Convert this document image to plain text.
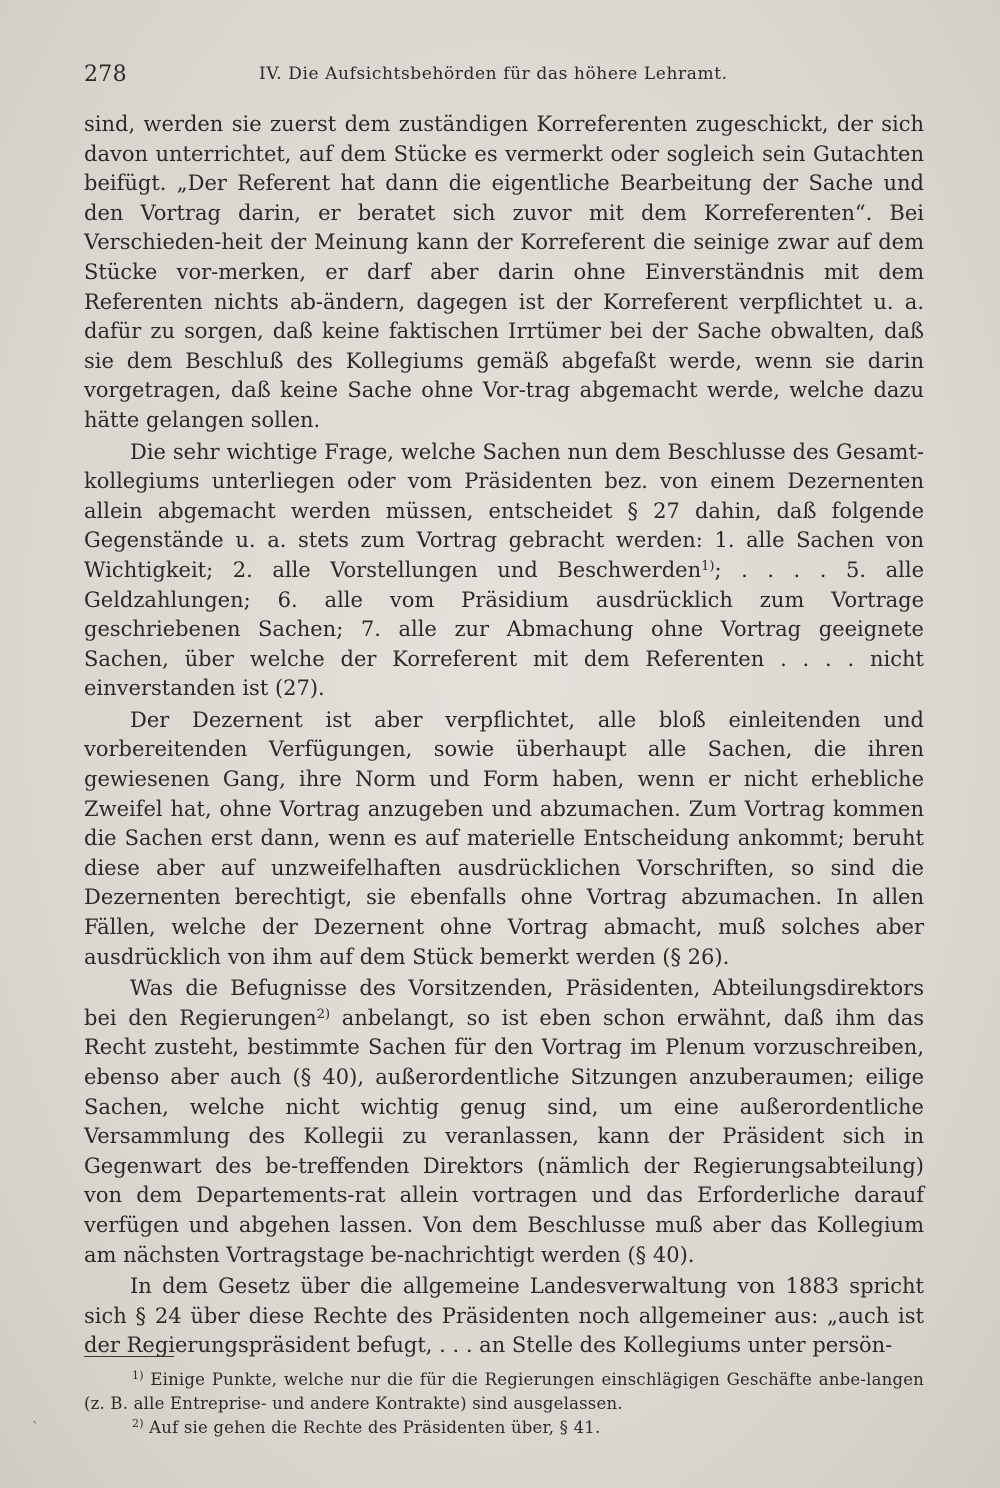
278	IV. Die Aufsichtsbehörden für das höhere Lehramt.

sind, werden sie zuerst dem zuständigen Korreferenten zugeschickt, der sich davon unterrichtet, auf dem Stücke es vermerkt oder sogleich sein Gutachten beifügt. „Der Referent hat dann die eigentliche Bearbeitung der Sache und den Vortrag darin, er beratet sich zuvor mit dem Korreferenten“. Bei Verschieden-heit der Meinung kann der Korreferent die seinige zwar auf dem Stücke vor-merken, er darf aber darin ohne Einverständnis mit dem Referenten nichts ab-ändern, dagegen ist der Korreferent verpflichtet u. a. dafür zu sorgen, daß keine faktischen Irrtümer bei der Sache obwalten, daß sie dem Beschluß des Kollegiums gemäß abgefaßt werde, wenn sie darin vorgetragen, daß keine Sache ohne Vor-trag abgemacht werde, welche dazu hätte gelangen sollen.

Die sehr wichtige Frage, welche Sachen nun dem Beschlusse des Gesamt-kollegiums unterliegen oder vom Präsidenten bez. von einem Dezernenten allein abgemacht werden müssen, entscheidet § 27 dahin, daß folgende Gegenstände u. a. stets zum Vortrag gebracht werden: 1. alle Sachen von Wichtigkeit; 2. alle Vorstellungen und Beschwerden$^{1)}$; . . . . 5. alle Geldzahlungen; 6. alle vom Präsidium ausdrücklich zum Vortrage geschriebenen Sachen; 7. alle zur Abmachung ohne Vortrag geeignete Sachen, über welche der Korreferent mit dem Referenten . . . . nicht einverstanden ist (27).

Der Dezernent ist aber verpflichtet, alle bloß einleitenden und vorbereitenden Verfügungen, sowie überhaupt alle Sachen, die ihren gewiesenen Gang, ihre Norm und Form haben, wenn er nicht erhebliche Zweifel hat, ohne Vortrag anzugeben und abzumachen. Zum Vortrag kommen die Sachen erst dann, wenn es auf materielle Entscheidung ankommt; beruht diese aber auf unzweifelhaften ausdrücklichen Vorschriften, so sind die Dezernenten berechtigt, sie ebenfalls ohne Vortrag abzumachen. In allen Fällen, welche der Dezernent ohne Vortrag abmacht, muß solches aber ausdrücklich von ihm auf dem Stück bemerkt werden (§ 26).

Was die Befugnisse des Vorsitzenden, Präsidenten, Abteilungsdirektors bei den Regierungen$^{2)}$ anbelangt, so ist eben schon erwähnt, daß ihm das Recht zusteht, bestimmte Sachen für den Vortrag im Plenum vorzuschreiben, ebenso aber auch (§ 40), außerordentliche Sitzungen anzuberaumen; eilige Sachen, welche nicht wichtig genug sind, um eine außerordentliche Versammlung des Kollegii zu veranlassen, kann der Präsident sich in Gegenwart des be-treffenden Direktors (nämlich der Regierungsabteilung) von dem Departements-rat allein vortragen und das Erforderliche darauf verfügen und abgehen lassen. Von dem Beschlusse muß aber das Kollegium am nächsten Vortragstage be-nachrichtigt werden (§ 40).

In dem Gesetz über die allgemeine Landesverwaltung von 1883 spricht sich § 24 über diese Rechte des Präsidenten noch allgemeiner aus: „auch ist der Regierungspräsident befugt, . . . an Stelle des Kollegiums unter persön-

$^{1)}$ Einige Punkte, welche nur die für die Regierungen einschlägigen Geschäfte anbe-langen (z. B. alle Entreprise- und andere Kontrakte) sind ausgelassen.

$^{2)}$ Auf sie gehen die Rechte des Präsidenten über, § 41.

`
